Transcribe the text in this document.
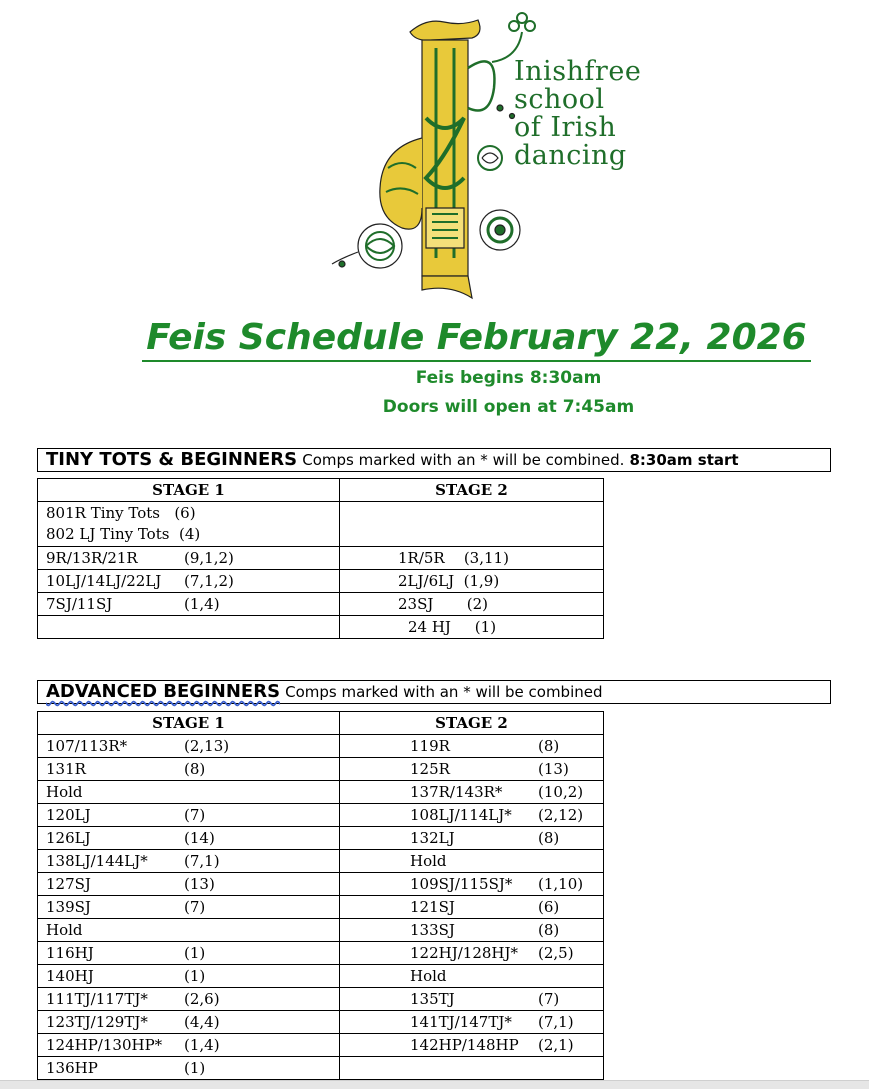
Inishfree
school
of Irish
dancing
Feis Schedule February 22, 2026
Feis begins 8:30am
Doors will open at 7:45am
TINY TOTS & BEGINNERS Comps marked with an * will be combined. 8:30am start
STAGE 1	STAGE 2

801R Tiny Tots (6)
802 LJ Tiny Tots (4)	

9R/13R/21R (9,1,2)	1R/5R (3,11)
10LJ/14LJ/22LJ (7,1,2)	2LJ/6LJ (1,9)
7SJ/11SJ (1,4)	23SJ (2)
	24 HJ (1)
ADVANCED BEGINNERS Comps marked with an * will be combined
STAGE 1	STAGE 2
107/113R* (2,13)	119R (8)
131R (8)	125R (13)
Hold	137R/143R* (10,2)
120LJ (7)	108LJ/114LJ* (2,12)
126LJ (14)	132LJ (8)
138LJ/144LJ* (7,1)	Hold
127SJ (13)	109SJ/115SJ* (1,10)
139SJ (7)	121SJ (6)
Hold	133SJ (8)
116HJ (1)	122HJ/128HJ* (2,5)
140HJ (1)	Hold
111TJ/117TJ* (2,6)	135TJ (7)
123TJ/129TJ* (4,4)	141TJ/147TJ* (7,1)
124HP/130HP* (1,4)	142HP/148HP (2,1)
136HP (1)	
